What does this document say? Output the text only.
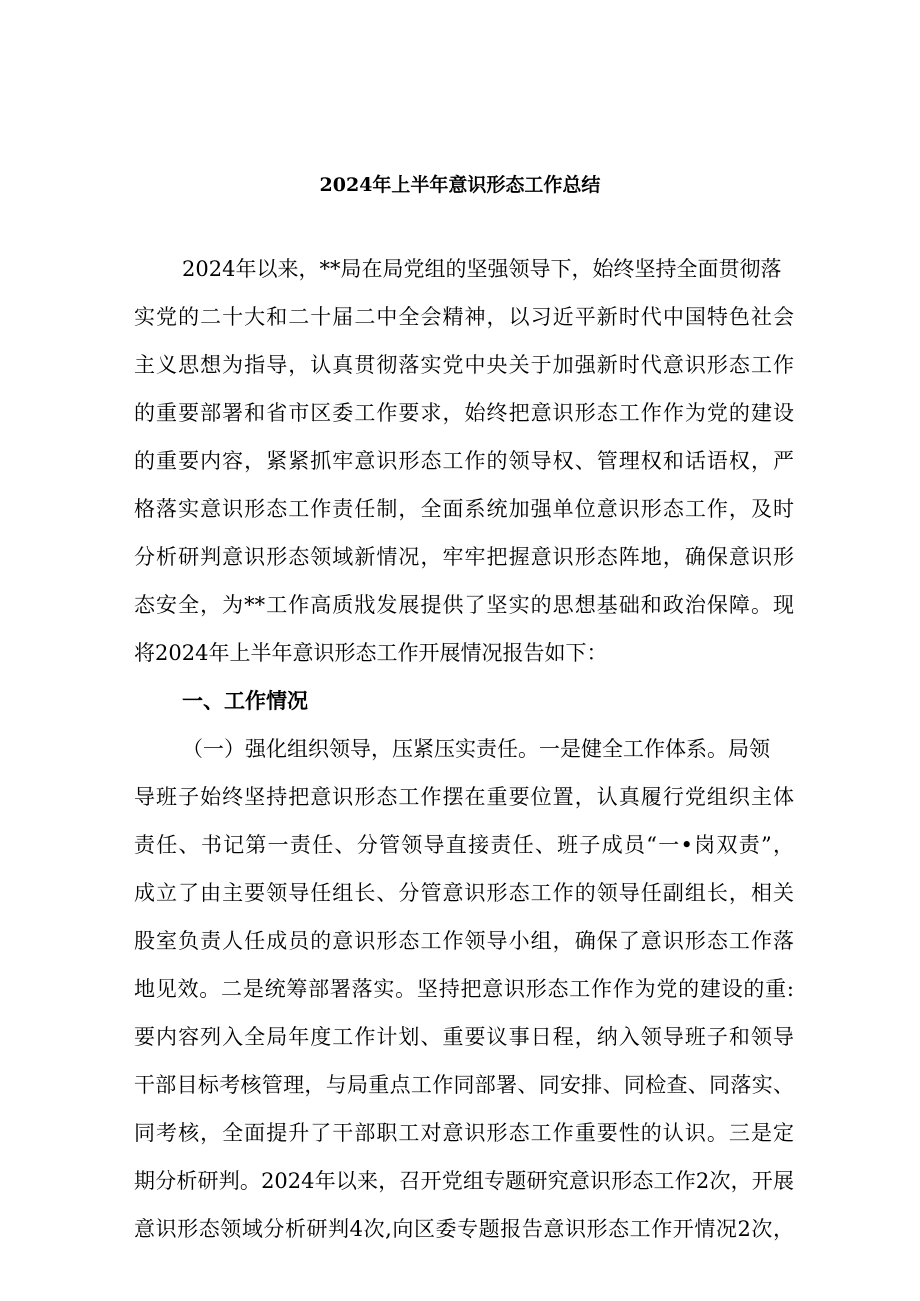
2024年上半年意识形态工作总结

2024年以来，**局在局党组的坚强领导下，始终坚持全面贯彻落

实党的二十大和二十届二中全会精神，以习近平新时代中国特色社会

主义思想为指导，认真贯彻落实党中央关于加强新时代意识形态工作

的重要部署和省市区委工作要求，始终把意识形态工作作为党的建设

的重要内容，紧紧抓牢意识形态工作的领导权、管理权和话语权，严

格落实意识形态工作责任制，全面系统加强单位意识形态工作，及时

分析研判意识形态领域新情况，牢牢把握意识形态阵地，确保意识形

态安全，为**工作高质戕发展提供了坚实的思想基础和政治保障。现

将2024年上半年意识形态工作开展情况报告如下：

一、工作情况

（一）强化组织领导，压紧压实责任。一是健全工作体系。局领

导班子始终坚持把意识形态工作摆在重要位置，认真履行党组织主体

责任、书记第一责任、分管领导直接责任、班子成员“一•岗双责”，

成立了由主要领导任组长、分管意识形态工作的领导任副组长，相关

股室负责人任成员的意识形态工作领导小组，确保了意识形态工作落

地见效。二是统筹部署落实。坚持把意识形态工作作为党的建设的重:

要内容列入全局年度工作计划、重要议事日程，纳入领导班子和领导

干部目标考核管理，与局重点工作同部署、同安排、同检查、同落实、

同考核，全面提升了干部职工对意识形态工作重要性的认识。三是定

期分析研判。2024年以来，召开党组专题研究意识形态工作2次，开展

意识形态领域分析研判4次,向区委专题报告意识形态工作开情况2次，
